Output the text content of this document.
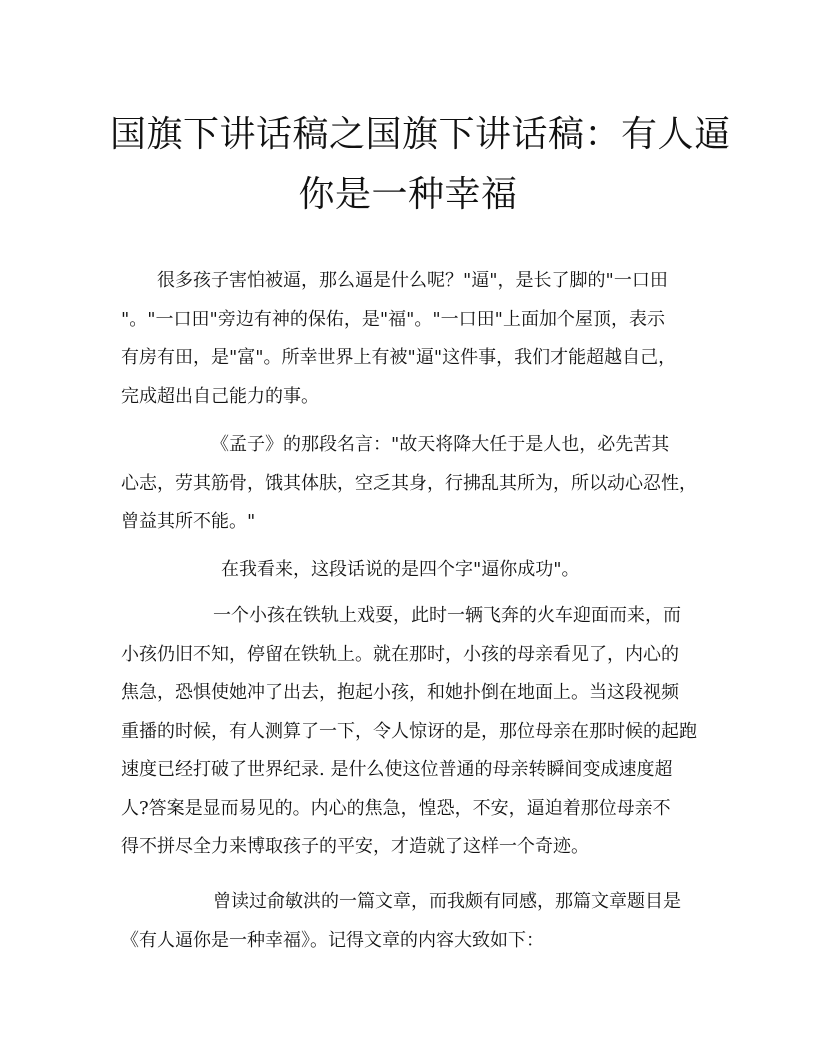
国旗下讲话稿之国旗下讲话稿：有人逼
你是一种幸福
很多孩子害怕被逼，那么逼是什么呢？"逼"，是长了脚的"一口田
"。"一口田"旁边有神的保佑，是"福"。"一口田"上面加个屋顶，表示
有房有田，是"富"。所幸世界上有被"逼"这件事，我们才能超越自己，
完成超出自己能力的事。
《孟子》的那段名言："故天将降大任于是人也，必先苦其
心志，劳其筋骨，饿其体肤，空乏其身，行拂乱其所为，所以动心忍性，
曾益其所不能。"
在我看来，这段话说的是四个字"逼你成功"。
一个小孩在铁轨上戏耍，此时一辆飞奔的火车迎面而来，而
小孩仍旧不知，停留在铁轨上。就在那时，小孩的母亲看见了，内心的
焦急，恐惧使她冲了出去，抱起小孩，和她扑倒在地面上。当这段视频
重播的时候，有人测算了一下，令人惊讶的是，那位母亲在那时候的起跑
速度已经打破了世界纪录. 是什么使这位普通的母亲转瞬间变成速度超
人?答案是显而易见的。内心的焦急，惶恐，不安，逼迫着那位母亲不
得不拼尽全力来博取孩子的平安，才造就了这样一个奇迹。
曾读过俞敏洪的一篇文章，而我颇有同感，那篇文章题目是
《有人逼你是一种幸福》。记得文章的内容大致如下：
